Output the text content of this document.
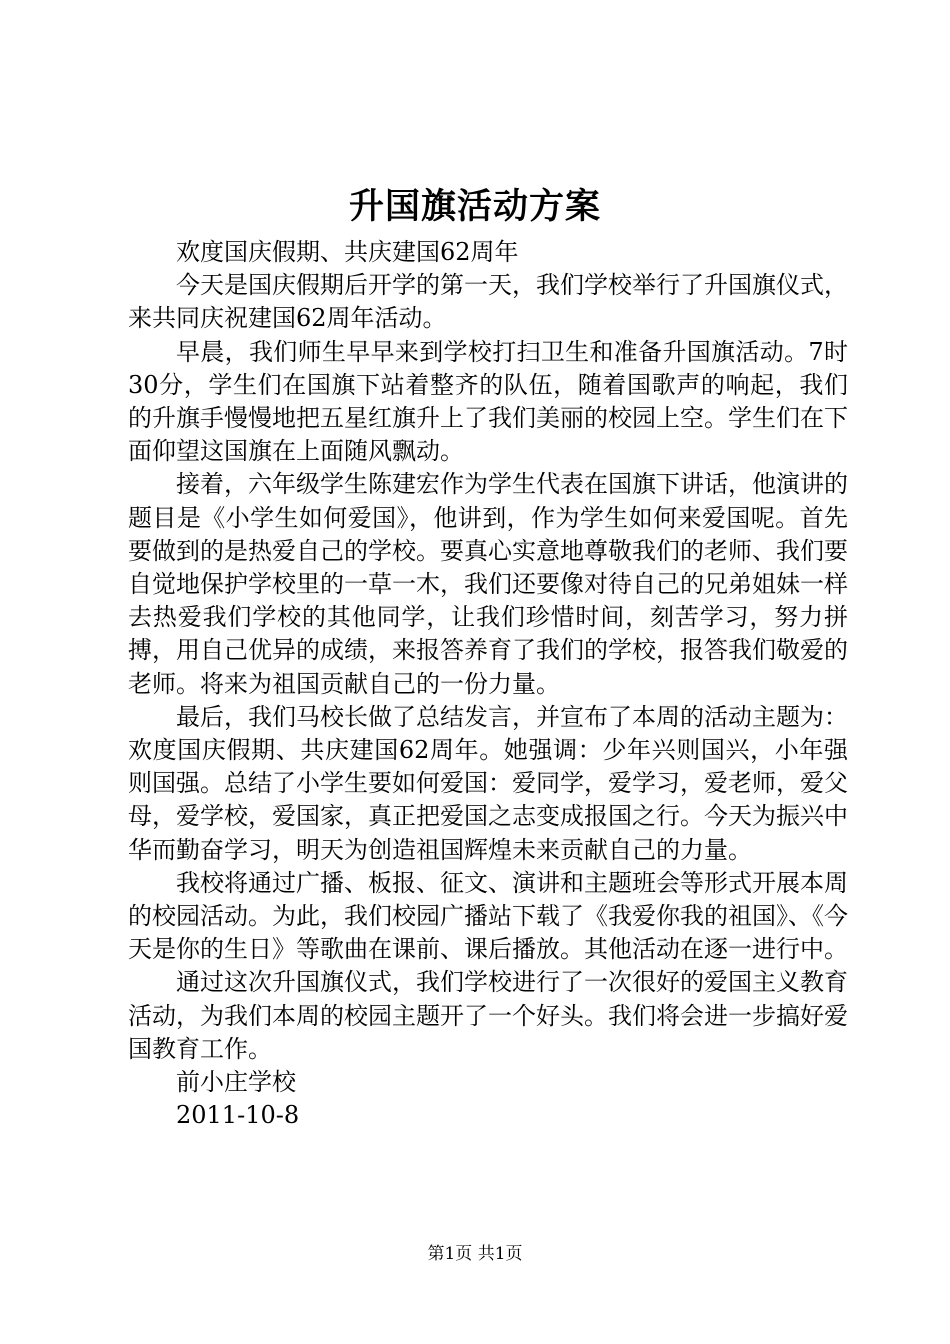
升国旗活动方案

欢度国庆假期、共庆建国62周年

今天是国庆假期后开学的第一天，我们学校举行了升国旗仪式，来共同庆祝建国62周年活动。

早晨，我们师生早早来到学校打扫卫生和准备升国旗活动。7时30分，学生们在国旗下站着整齐的队伍，随着国歌声的响起，我们的升旗手慢慢地把五星红旗升上了我们美丽的校园上空。学生们在下面仰望这国旗在上面随风飘动。

接着，六年级学生陈建宏作为学生代表在国旗下讲话，他演讲的题目是《小学生如何爱国》，他讲到，作为学生如何来爱国呢。首先要做到的是热爱自己的学校。要真心实意地尊敬我们的老师、我们要自觉地保护学校里的一草一木，我们还要像对待自己的兄弟姐妹一样去热爱我们学校的其他同学，让我们珍惜时间，刻苦学习，努力拼搏，用自己优异的成绩，来报答养育了我们的学校，报答我们敬爱的老师。将来为祖国贡献自己的一份力量。

最后，我们马校长做了总结发言，并宣布了本周的活动主题为：欢度国庆假期、共庆建国62周年。她强调：少年兴则国兴，小年强则国强。总结了小学生要如何爱国：爱同学，爱学习，爱老师，爱父母，爱学校，爱国家，真正把爱国之志变成报国之行。今天为振兴中华而勤奋学习，明天为创造祖国辉煌未来贡献自己的力量。

我校将通过广播、板报、征文、演讲和主题班会等形式开展本周的校园活动。为此，我们校园广播站下载了《我爱你我的祖国》、《今天是你的生日》等歌曲在课前、课后播放。其他活动在逐一进行中。

通过这次升国旗仪式，我们学校进行了一次很好的爱国主义教育活动，为我们本周的校园主题开了一个好头。我们将会进一步搞好爱国教育工作。

前小庄学校

2011-10-8

第1页 共1页
